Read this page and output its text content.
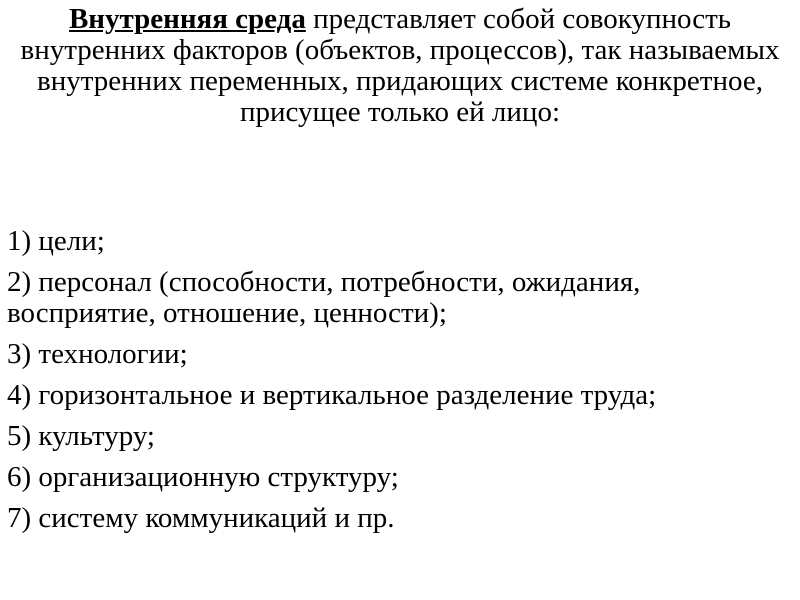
Внутренняя среда представляет собой совокупность внутренних факторов (объектов, процессов), так называемых внутренних переменных, придающих системе конкретное, присущее только ей лицо:

1) цели;
2) персонал (способности, потребности, ожидания, восприятие, отношение, ценности);
3) технологии;
4) горизонтальное и вертикальное разделение труда;
5) культуру;
6) организационную структуру;
7) систему коммуникаций и пр.
